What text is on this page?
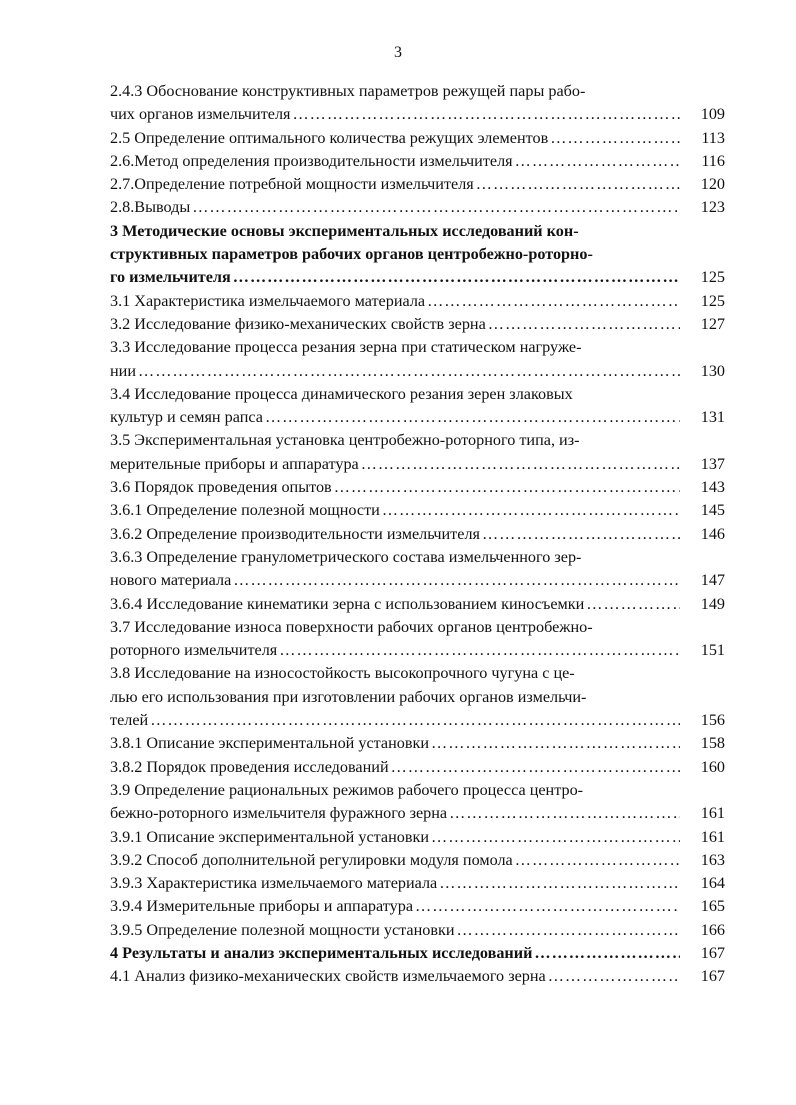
3
2.4.3 Обоснование конструктивных параметров режущей пары рабо-
чих органов измельчителя ……………………………………………………………………………………………………………………………………………………………………………………………	109
2.5 Определение оптимального количества режущих элементов ……………………………………………………………………………………………………………………………………………………………………………………………	113
2.6.Метод определения производительности измельчителя ……………………………………………………………………………………………………………………………………………………………………………………………	116
2.7.Определение потребной мощности измельчителя ……………………………………………………………………………………………………………………………………………………………………………………………	120
2.8.Выводы ……………………………………………………………………………………………………………………………………………………………………………………………	123
3 Методические основы экспериментальных исследований кон-
структивных параметров рабочих органов центробежно-роторно-
го измельчителя ……………………………………………………………………………………………………………………………………………………………………………………………	125
3.1 Характеристика измельчаемого материала ……………………………………………………………………………………………………………………………………………………………………………………………	125
3.2 Исследование физико-механических свойств зерна ……………………………………………………………………………………………………………………………………………………………………………………………	127
3.3 Исследование процесса резания зерна при статическом нагруже-
нии ……………………………………………………………………………………………………………………………………………………………………………………………	130
3.4 Исследование процесса динамического резания зерен злаковых
культур и семян рапса ……………………………………………………………………………………………………………………………………………………………………………………………	131
3.5 Экспериментальная установка центробежно-роторного типа, из-
мерительные приборы и аппаратура ……………………………………………………………………………………………………………………………………………………………………………………………	137
3.6 Порядок проведения опытов ……………………………………………………………………………………………………………………………………………………………………………………………	143
3.6.1 Определение полезной мощности ……………………………………………………………………………………………………………………………………………………………………………………………	145
3.6.2 Определение производительности измельчителя ……………………………………………………………………………………………………………………………………………………………………………………………	146
3.6.3 Определение гранулометрического состава измельченного зер-
нового материала ……………………………………………………………………………………………………………………………………………………………………………………………	147
3.6.4 Исследование кинематики зерна с использованием киносъемки ……………………………………………………………………………………………………………………………………………………………………………………………	149
3.7 Исследование износа поверхности рабочих органов центробежно-
роторного измельчителя ……………………………………………………………………………………………………………………………………………………………………………………………	151
3.8 Исследование на износостойкость высокопрочного чугуна с це-
лью его использования при изготовлении рабочих органов измельчи-
телей ……………………………………………………………………………………………………………………………………………………………………………………………	156
3.8.1 Описание экспериментальной установки ……………………………………………………………………………………………………………………………………………………………………………………………	158
3.8.2 Порядок проведения исследований ……………………………………………………………………………………………………………………………………………………………………………………………	160
3.9 Определение рациональных режимов рабочего процесса центро-
бежно-роторного измельчителя фуражного зерна ……………………………………………………………………………………………………………………………………………………………………………………………	161
3.9.1 Описание экспериментальной установки ……………………………………………………………………………………………………………………………………………………………………………………………	161
3.9.2 Способ дополнительной регулировки модуля помола ……………………………………………………………………………………………………………………………………………………………………………………………	163
3.9.3 Характеристика измельчаемого материала ……………………………………………………………………………………………………………………………………………………………………………………………	164
3.9.4 Измерительные приборы и аппаратура ……………………………………………………………………………………………………………………………………………………………………………………………	165
3.9.5 Определение полезной мощности установки ……………………………………………………………………………………………………………………………………………………………………………………………	166
4 Результаты и анализ экспериментальных исследований ……………………………………………………………………………………………………………………………………………………………………………………………	167
4.1 Анализ физико-механических свойств измельчаемого зерна ……………………………………………………………………………………………………………………………………………………………………………………………	167
